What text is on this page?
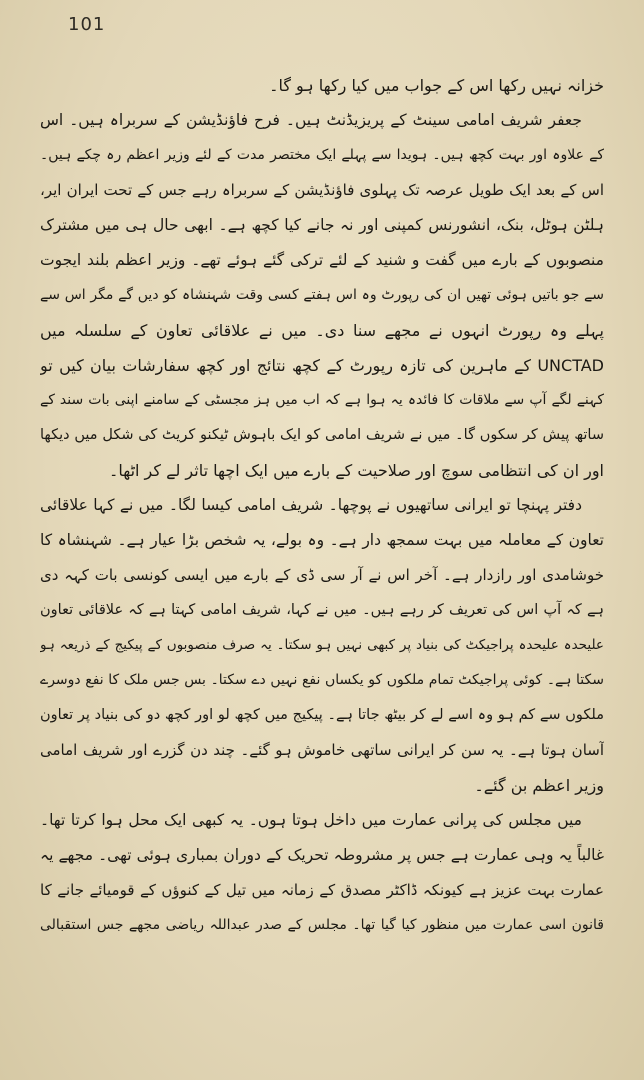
101
خزانہ نہیں رکھا اس کے جواب میں کیا رکھا ہو گا۔
جعفر شریف امامی سینٹ کے پریزیڈنٹ ہیں۔ فرح فاؤنڈیشن کے سربراہ ہیں۔ اس
کے علاوہ اور بہت کچھ ہیں۔ ہویدا سے پہلے ایک مختصر مدت کے لئے وزیر اعظم رہ چکے ہیں۔
اس کے بعد ایک طویل عرصہ تک پہلوی فاؤنڈیشن کے سربراہ رہے جس کے تحت ایران ایر،
ہلٹن ہوٹل، بنک، انشورنس کمپنی اور نہ جانے کیا کچھ ہے۔ ابھی حال ہی میں مشترک
منصوبوں کے بارے میں گفت و شنید کے لئے ترکی گئے ہوئے تھے۔ وزیر اعظم بلند ایجوت
سے جو باتیں ہوئی تھیں ان کی رپورٹ وہ اس ہفتے کسی وقت شہنشاہ کو دیں گے مگر اس سے
پہلے وہ رپورٹ انہوں نے مجھے سنا دی۔ میں نے علاقائی تعاون کے سلسلہ میں
UNCTAD کے ماہرین کی تازہ رپورٹ کے کچھ نتائج اور کچھ سفارشات بیان کیں تو
کہنے لگے آپ سے ملاقات کا فائدہ یہ ہوا ہے کہ اب میں ہز مجسٹی کے سامنے اپنی بات سند کے
ساتھ پیش کر سکوں گا۔ میں نے شریف امامی کو ایک باہوش ٹیکنو کریٹ کی شکل میں دیکھا
اور ان کی انتظامی سوچ اور صلاحیت کے بارے میں ایک اچھا تاثر لے کر اٹھا۔
دفتر پہنچا تو ایرانی ساتھیوں نے پوچھا۔ شریف امامی کیسا لگا۔ میں نے کہا علاقائی
تعاون کے معاملہ میں بہت سمجھ دار ہے۔ وہ بولے، یہ شخص بڑا عیار ہے۔ شہنشاہ کا
خوشامدی اور رازدار ہے۔ آخر اس نے آر سی ڈی کے بارے میں ایسی کونسی بات کہہ دی
ہے کہ آپ اس کی تعریف کر رہے ہیں۔ میں نے کہا، شریف امامی کہتا ہے کہ علاقائی تعاون
علیحدہ علیحدہ پراجیکٹ کی بنیاد پر کبھی نہیں ہو سکتا۔ یہ صرف منصوبوں کے پیکیج کے ذریعہ ہو
سکتا ہے۔ کوئی پراجیکٹ تمام ملکوں کو یکساں نفع نہیں دے سکتا۔ بس جس ملک کا نفع دوسرے
ملکوں سے کم ہو وہ اسے لے کر بیٹھ جاتا ہے۔ پیکیج میں کچھ لو اور کچھ دو کی بنیاد پر تعاون
آسان ہوتا ہے۔ یہ سن کر ایرانی ساتھی خاموش ہو گئے۔ چند دن گزرے اور شریف امامی
وزیر اعظم بن گئے۔
میں مجلس کی پرانی عمارت میں داخل ہوتا ہوں۔ یہ کبھی ایک محل ہوا کرتا تھا۔
غالباً یہ وہی عمارت ہے جس پر مشروطہ تحریک کے دوران بمباری ہوئی تھی۔ مجھے یہ
عمارت بہت عزیز ہے کیونکہ ڈاکٹر مصدق کے زمانہ میں تیل کے کنوؤں کے قومیائے جانے کا
قانون اسی عمارت میں منظور کیا گیا تھا۔ مجلس کے صدر عبداللہ ریاضی مجھے جس استقبالی
